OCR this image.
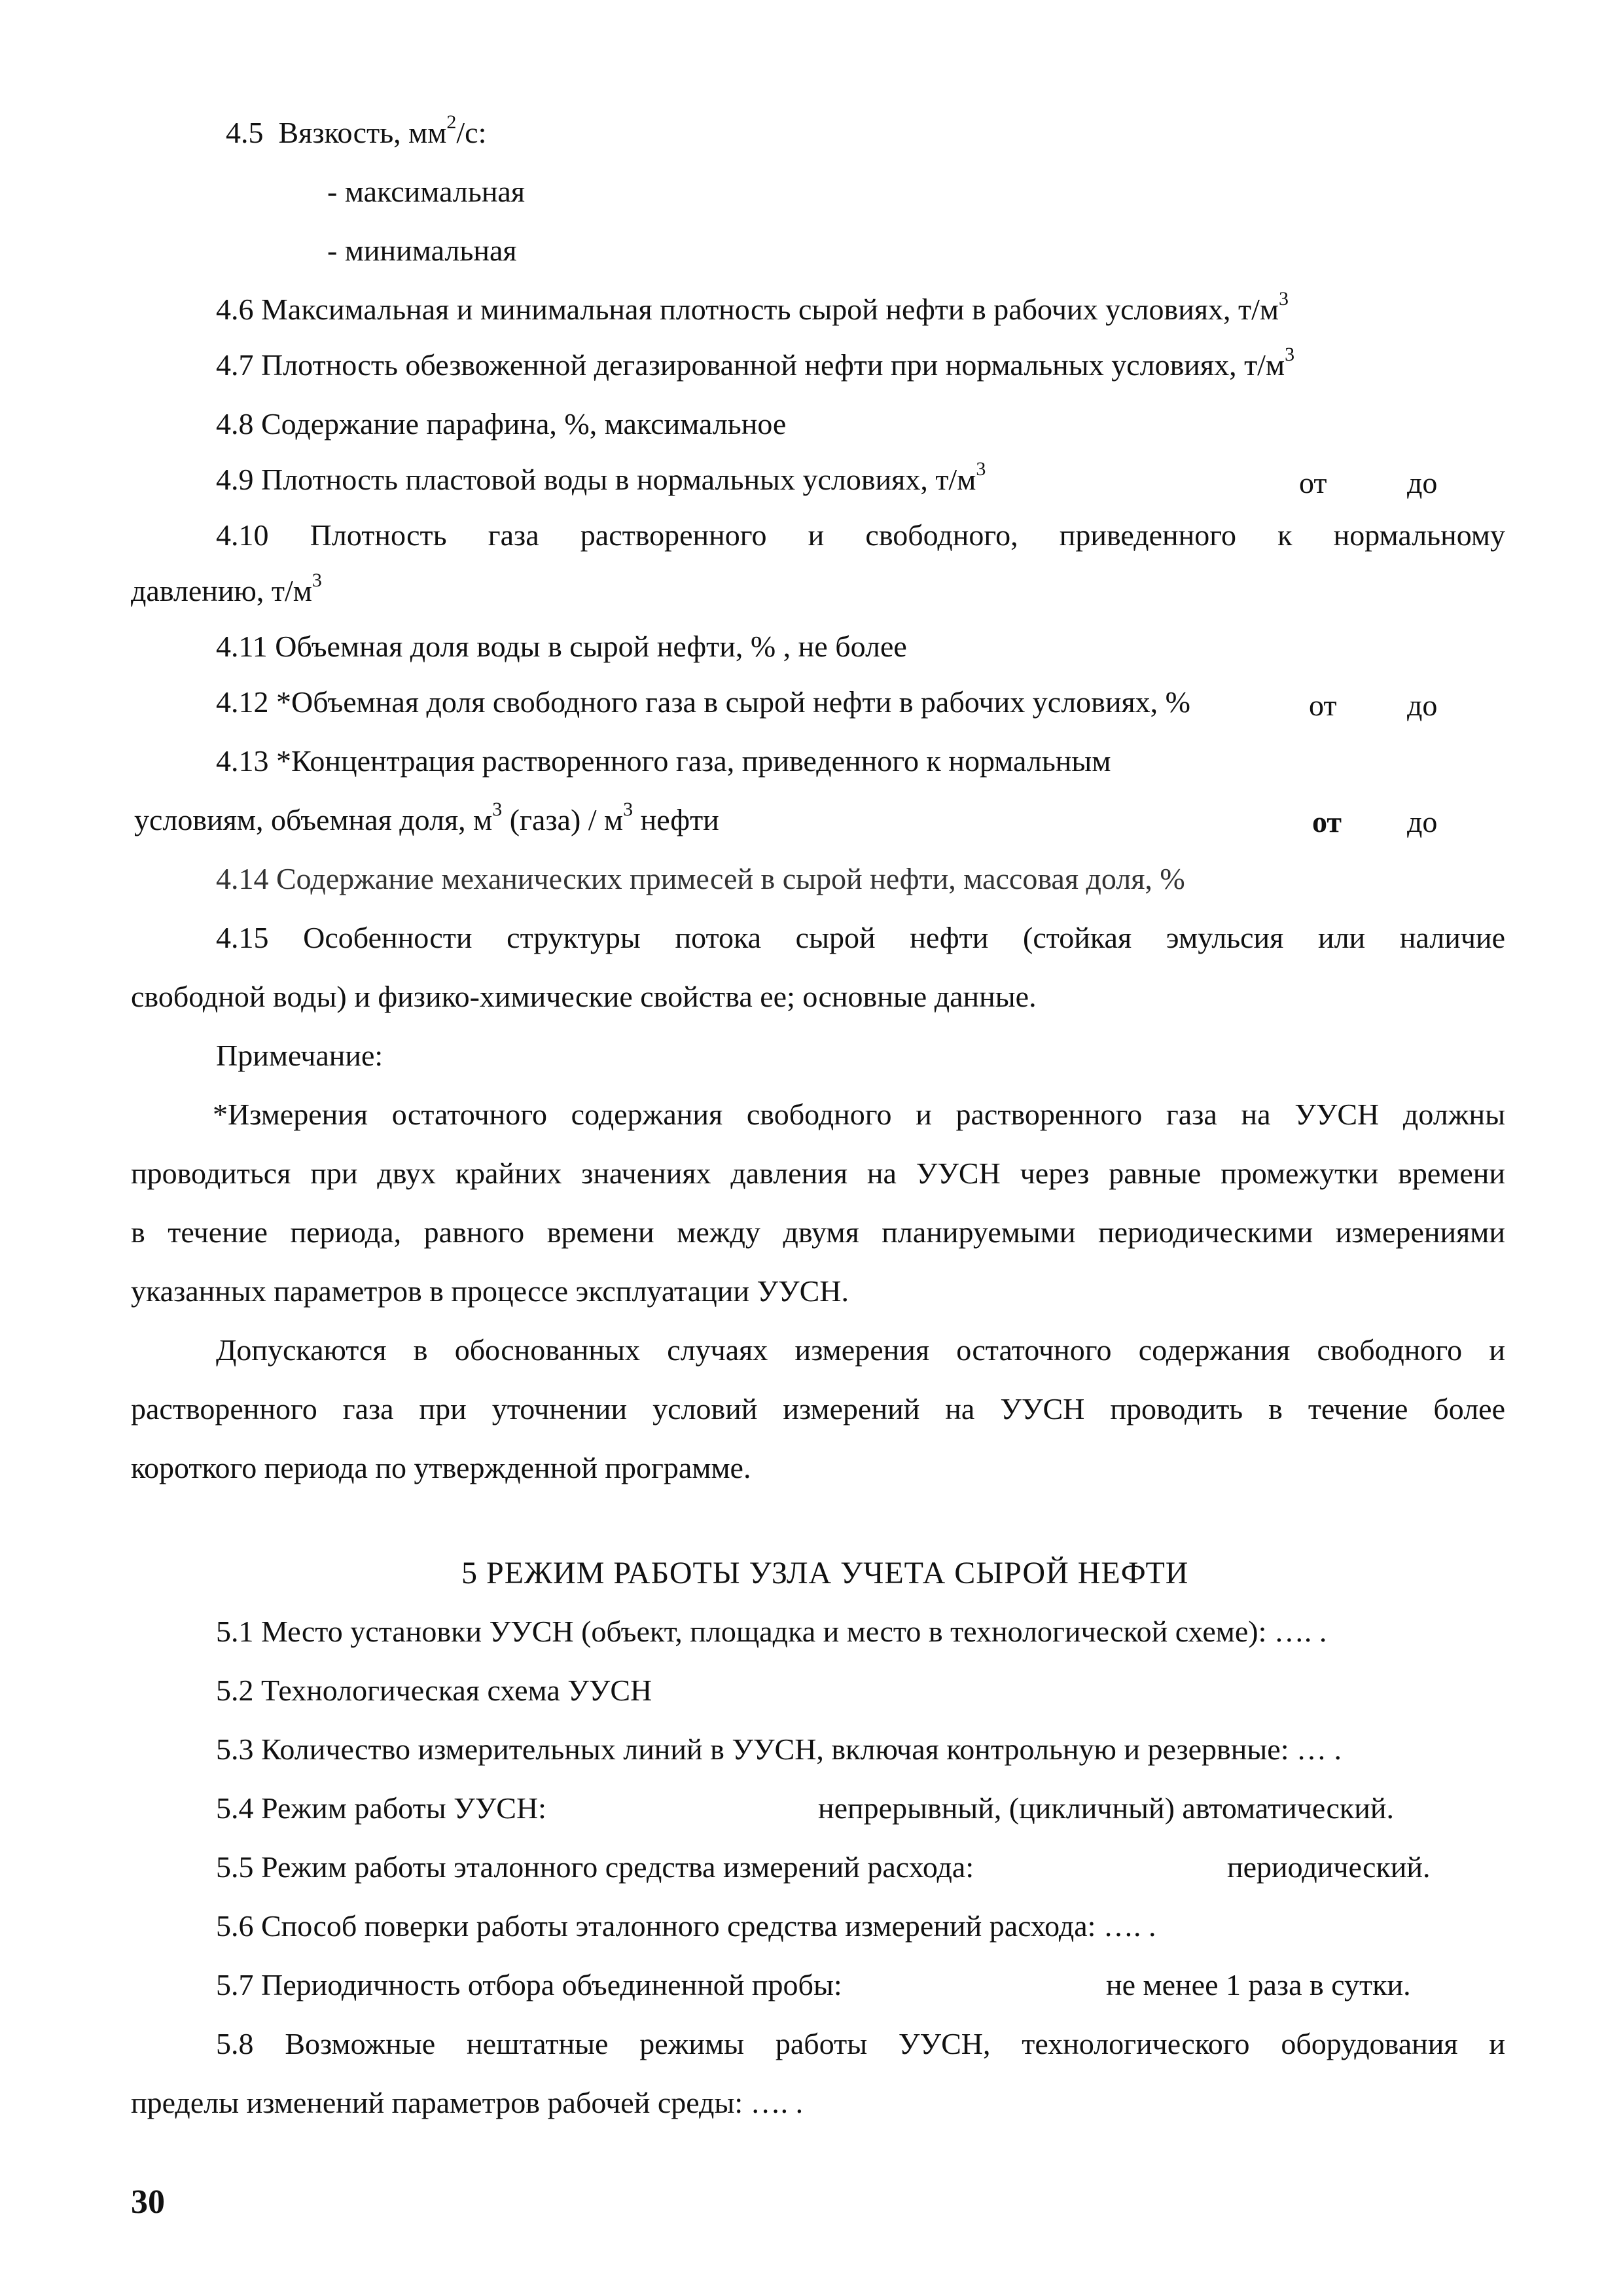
4.5 Вязкость, $мм^2/с$:
- максимальная
- минимальная
4.6 Максимальная и минимальная плотность сырой нефти в рабочих условиях, $т/м^3$
4.7 Плотность обезвоженной дегазированной нефти при нормальных условиях, $т/м^3$
4.8 Содержание парафина, %, максимальное
4.9 Плотность пластовой воды в нормальных условиях, $т/м^3$	от	до
4.10 Плотность газа растворенного и свободного, приведенного к нормальному
давлению, $т/м^3$
4.11 Объемная доля воды в сырой нефти, % , не более
4.12 *Объемная доля свободного газа в сырой нефти в рабочих условиях, %	от до
4.13 *Концентрация растворенного газа, приведенного к нормальным
условиям, объемная доля, $м^3$ (газа) / $м^3$ нефти	от до
4.14 Содержание механических примесей в сырой нефти, массовая доля, %
4.15 Особенности структуры потока сырой нефти (стойкая эмульсия или наличие
свободной воды) и физико-химические свойства ее; основные данные.
Примечание:
*Измерения остаточного содержания свободного и растворенного газа на УУСН должны
проводиться при двух крайних значениях давления на УУСН через равные промежутки времени
в течение периода, равного времени между двумя планируемыми периодическими измерениями
указанных параметров в процессе эксплуатации УУСН.
Допускаются в обоснованных случаях измерения остаточного содержания свободного и
растворенного газа при уточнении условий измерений на УУСН проводить в течение более
короткого периода по утвержденной программе.
5 РЕЖИМ РАБОТЫ УЗЛА УЧЕТА СЫРОЙ НЕФТИ
5.1 Место установки УУСН (объект, площадка и место в технологической схеме): …. .
5.2 Технологическая схема УУСН
5.3 Количество измерительных линий в УУСН, включая контрольную и резервные: … .
5.4 Режим работы УУСН:	непрерывный, (цикличный) автоматический.
5.5 Режим работы эталонного средства измерений расхода:	периодический.
5.6 Способ поверки работы эталонного средства измерений расхода: …. .
5.7 Периодичность отбора объединенной пробы:	не менее 1 раза в сутки.
5.8 Возможные нештатные режимы работы УУСН, технологического оборудования и
пределы изменений параметров рабочей среды: …. .
30
